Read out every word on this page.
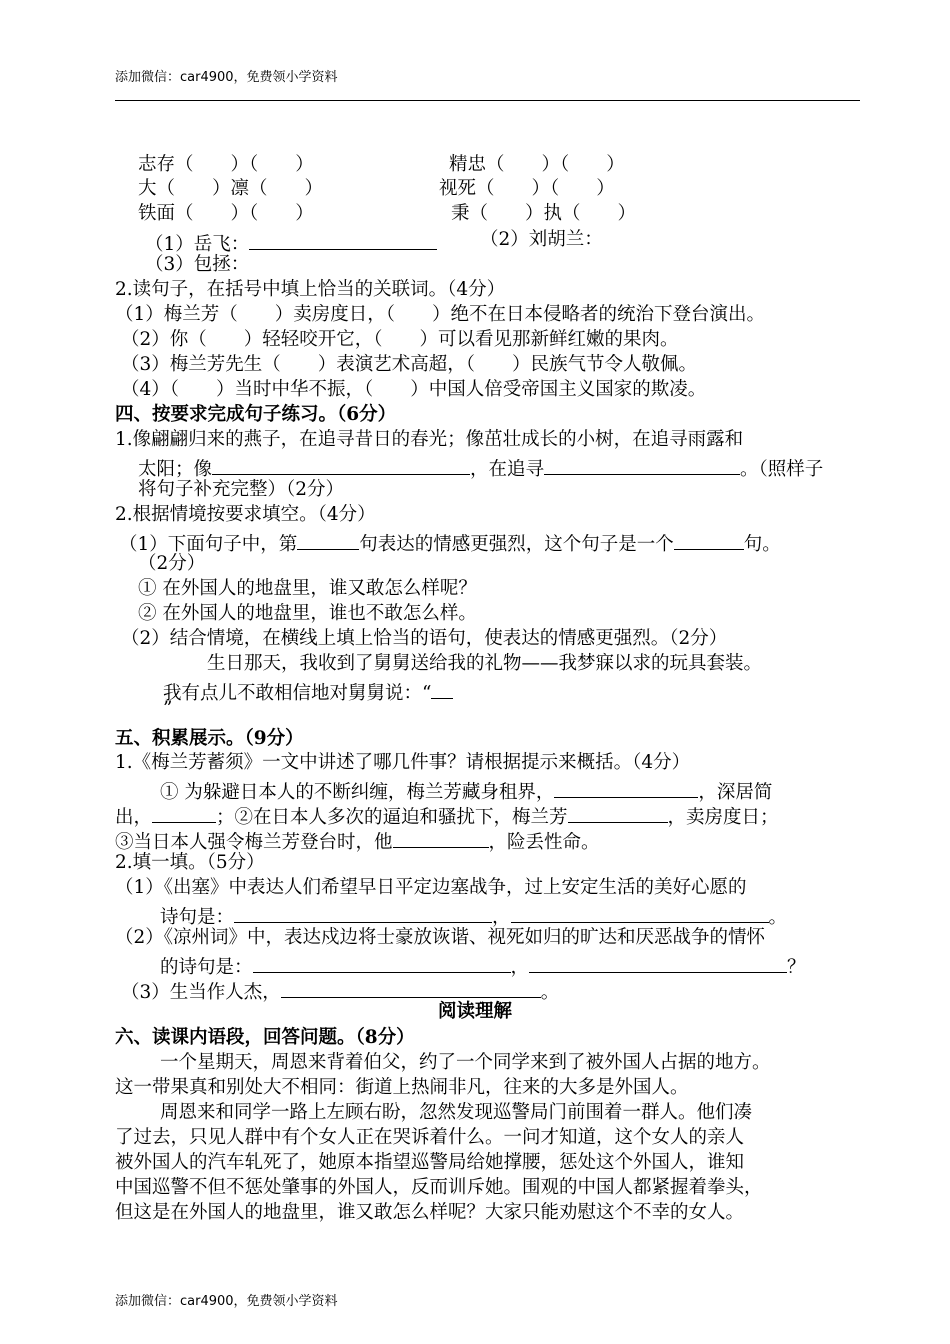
添加微信：car4900，免费领小学资料
志存（　　）（　　）	精忠（　　）（　　）
大（　　）凛（　　）	视死（　　）（　　）
铁面（　　）（　　）	秉（　　）执（　　）
（1）岳飞：	（2）刘胡兰：
（3）包拯：
2.读句子，在括号中填上恰当的关联词。（4分）
（1）梅兰芳（　　）卖房度日，（　　）绝不在日本侵略者的统治下登台演出。
（2）你（　　）轻轻咬开它，（　　）可以看见那新鲜红嫩的果肉。
（3）梅兰芳先生（　　）表演艺术高超，（　　）民族气节令人敬佩。
（4）（　　）当时中华不振，（　　）中国人倍受帝国主义国家的欺凌。
四、按要求完成句子练习。（6分）
1.像翩翩归来的燕子，在追寻昔日的春光；像茁壮成长的小树，在追寻雨露和
太阳；像	，在追寻	。（照样子
将句子补充完整）（2分）
2.根据情境按要求填空。（4分）
（1）下面句子中，第	句表达的情感更强烈，这个句子是一个	句。
（2分）
① 在外国人的地盘里，谁又敢怎么样呢？
② 在外国人的地盘里，谁也不敢怎么样。
（2）结合情境，在横线上填上恰当的语句，使表达的情感更强烈。（2分）
生日那天，我收到了舅舅送给我的礼物——我梦寐以求的玩具套装。
我有点儿不敢相信地对舅舅说：“
”
五、积累展示。（9分）
1.《梅兰芳蓄须》一文中讲述了哪几件事？请根据提示来概括。（4分）
① 为躲避日本人的不断纠缠，梅兰芳藏身租界，	，深居简
出，	；②在日本人多次的逼迫和骚扰下，梅兰芳	，卖房度日；
③当日本人强令梅兰芳登台时，他	，险丢性命。
2.填一填。（5分）
（1）《出塞》中表达人们希望早日平定边塞战争，过上安定生活的美好心愿的
诗句是：	，	。
（2）《凉州词》中，表达戍边将士豪放诙谐、视死如归的旷达和厌恶战争的情怀
的诗句是：	，	？
（3）生当作人杰，	。
阅读理解
六、读课内语段，回答问题。（8分）
一个星期天，周恩来背着伯父，约了一个同学来到了被外国人占据的地方。
这一带果真和别处大不相同：街道上热闹非凡，往来的大多是外国人。
周恩来和同学一路上左顾右盼，忽然发现巡警局门前围着一群人。他们凑
了过去，只见人群中有个女人正在哭诉着什么。一问才知道，这个女人的亲人
被外国人的汽车轧死了，她原本指望巡警局给她撑腰，惩处这个外国人，谁知
中国巡警不但不惩处肇事的外国人，反而训斥她。围观的中国人都紧握着拳头，
但这是在外国人的地盘里，谁又敢怎么样呢？大家只能劝慰这个不幸的女人。
添加微信：car4900，免费领小学资料
